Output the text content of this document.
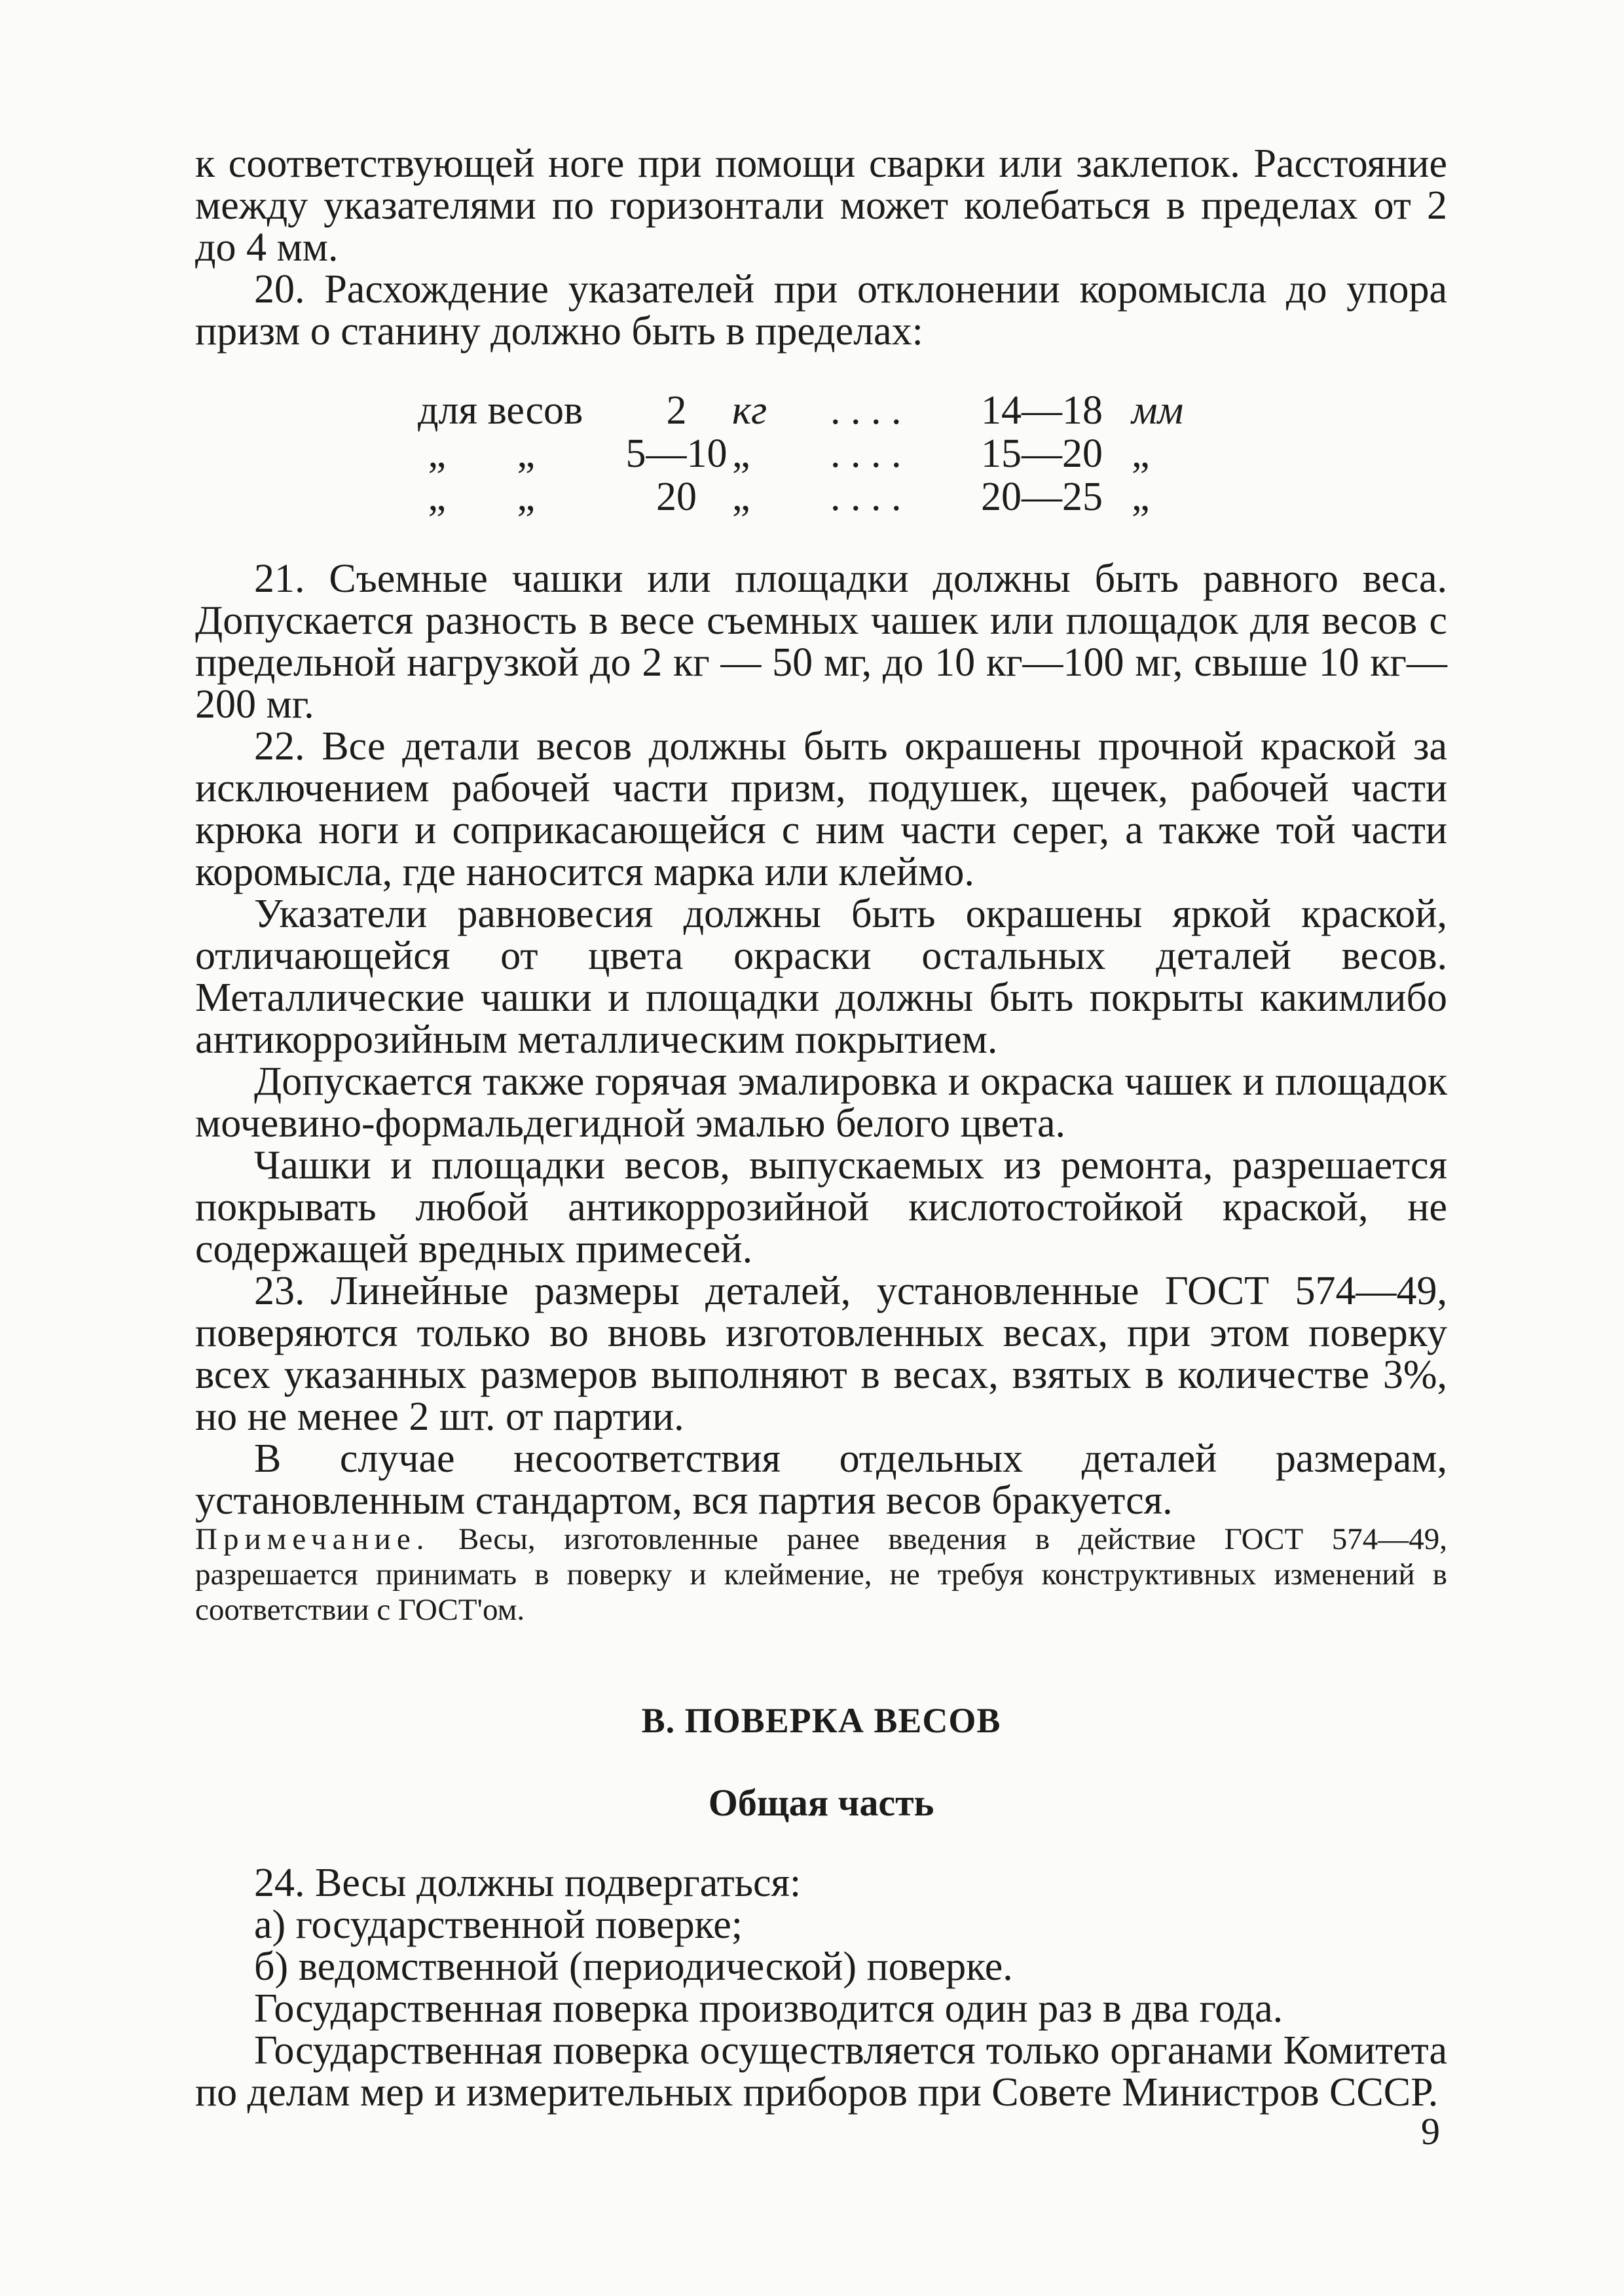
к соответствующей ноге при помощи сварки или заклепок. Расстояние между указателями по горизонтали может колебаться в пределах от 2 до 4 мм.

20. Расхождение указателей при отклонении коромысла до упора призм о станину должно быть в пределах:

для весов	2	кг	. . . .	14—18 мм
„ „	5—10 „	. . . .	15—20 „
„ „	20 „	. . . .	20—25 „

21. Съемные чашки или площадки должны быть равного веса. Допускается разность в весе съемных чашек или площадок для весов с предельной нагрузкой до 2 кг — 50 мг, до 10 кг—100 мг, свыше 10 кг—200 мг.

22. Все детали весов должны быть окрашены прочной краской за исключением рабочей части призм, подушек, щечек, рабочей части крюка ноги и соприкасающейся с ним части серег, а также той части коромысла, где наносится марка или клеймо.

Указатели равновесия должны быть окрашены яркой краской, отличающейся от цвета окраски остальных деталей весов. Металлические чашки и площадки должны быть покрыты какимлибо антикоррозийным металлическим покрытием.

Допускается также горячая эмалировка и окраска чашек и площадок мочевино-формальдегидной эмалью белого цвета.

Чашки и площадки весов, выпускаемых из ремонта, разрешается покрывать любой антикоррозийной кислотостойкой краской, не содержащей вредных примесей.

23. Линейные размеры деталей, установленные ГОСТ 574—49, поверяются только во вновь изготовленных весах, при этом поверку всех указанных размеров выполняют в весах, взятых в количестве 3%, но не менее 2 шт. от партии.

В случае несоответствия отдельных деталей размерам, установленным стандартом, вся партия весов бракуется.

Примечание. Весы, изготовленные ранее введения в действие ГОСТ 574—49, разрешается принимать в поверку и клеймение, не требуя конструктивных изменений в соответствии с ГОСТ'ом.

В. ПОВЕРКА ВЕСОВ
Общая часть

24. Весы должны подвергаться:

а) государственной поверке;

б) ведомственной (периодической) поверке.

Государственная поверка производится один раз в два года.

Государственная поверка осуществляется только органами Комитета по делам мер и измерительных приборов при Совете Министров СССР.

9
